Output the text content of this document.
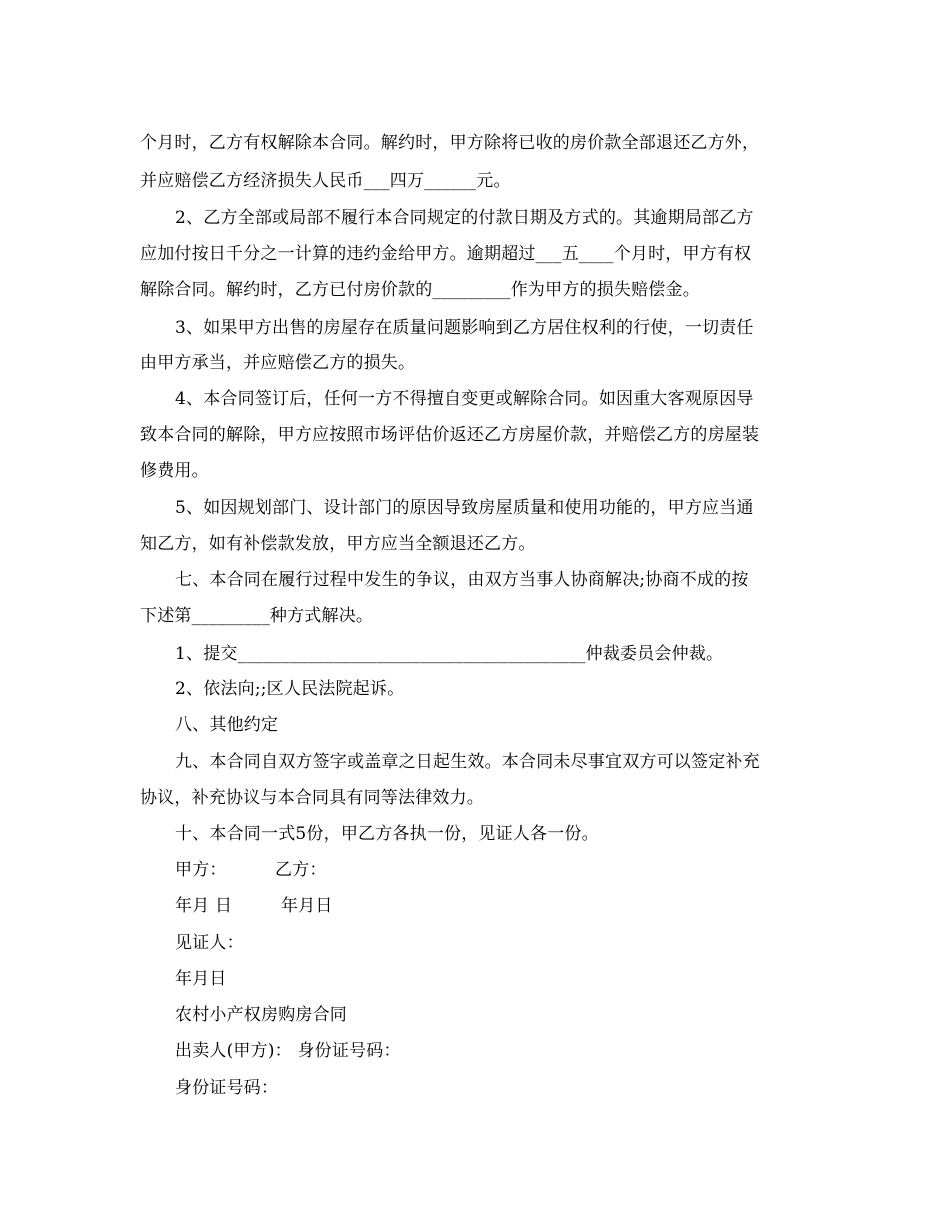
个月时，乙方有权解除本合同。解约时，甲方除将已收的房价款全部退还乙方外，
并应赔偿乙方经济损失人民币___四万______元。
2、乙方全部或局部不履行本合同规定的付款日期及方式的。其逾期局部乙方
应加付按日千分之一计算的违约金给甲方。逾期超过___五____个月时，甲方有权
解除合同。解约时，乙方已付房价款的_________作为甲方的损失赔偿金。
3、如果甲方出售的房屋存在质量问题影响到乙方居住权利的行使，一切责任
由甲方承当，并应赔偿乙方的损失。
4、本合同签订后，任何一方不得擅自变更或解除合同。如因重大客观原因导
致本合同的解除，甲方应按照市场评估价返还乙方房屋价款，并赔偿乙方的房屋装
修费用。
5、如因规划部门、设计部门的原因导致房屋质量和使用功能的，甲方应当通
知乙方，如有补偿款发放，甲方应当全额退还乙方。
七、本合同在履行过程中发生的争议，由双方当事人协商解决;协商不成的按
下述第_________种方式解决。
1、提交________________________________________仲裁委员会仲裁。
2、依法向;;区人民法院起诉。
八、其他约定
九、本合同自双方签字或盖章之日起生效。本合同未尽事宜双方可以签定补充
协议，补充协议与本合同具有同等法律效力。
十、本合同一式5份，甲乙方各执一份，见证人各一份。
甲方：	乙方：
年月 日	年月日
见证人：
年月日
农村小产权房购房合同
出卖人(甲方)： 身份证号码：
身份证号码：
